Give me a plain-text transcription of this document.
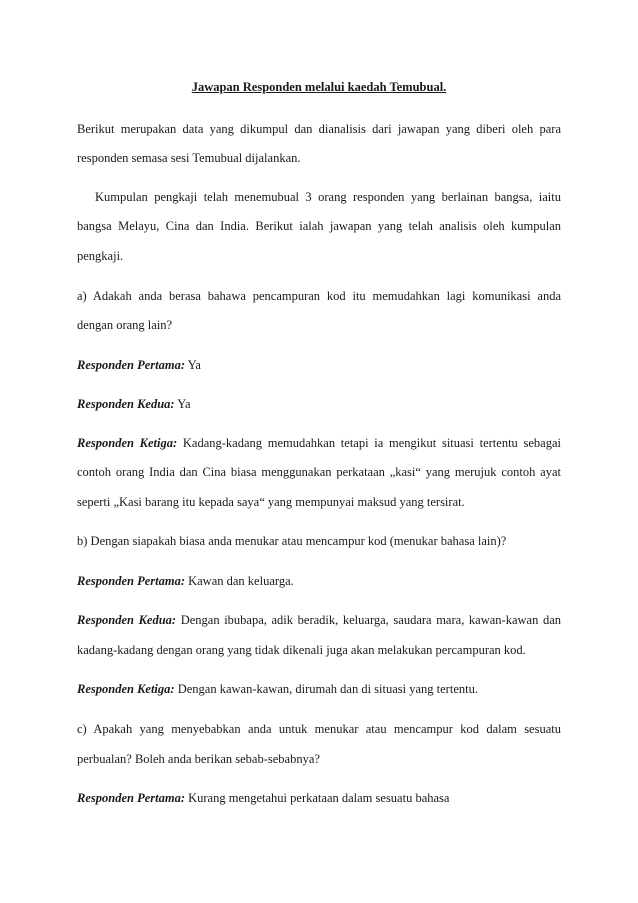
Jawapan Responden melalui kaedah Temubual.
Berikut merupakan data yang dikumpul dan dianalisis dari jawapan yang diberi oleh para
responden semasa sesi Temubual dijalankan.
Kumpulan pengkaji telah menemubual 3 orang responden yang berlainan bangsa, iaitu
bangsa Melayu, Cina dan India. Berikut ialah jawapan yang telah analisis oleh kumpulan
pengkaji.
a) Adakah anda berasa bahawa pencampuran kod itu memudahkan lagi komunikasi anda
dengan orang lain?
Responden Pertama: Ya
Responden Kedua: Ya
Responden Ketiga: Kadang-kadang memudahkan tetapi ia mengikut situasi tertentu sebagai
contoh orang India dan Cina biasa menggunakan perkataan „kasi“ yang merujuk contoh ayat
seperti „Kasi barang itu kepada saya“ yang mempunyai maksud yang tersirat.
b) Dengan siapakah biasa anda menukar atau mencampur kod (menukar bahasa lain)?
Responden Pertama: Kawan dan keluarga.
Responden Kedua: Dengan ibubapa, adik beradik, keluarga, saudara mara, kawan-kawan dan
kadang-kadang dengan orang yang tidak dikenali juga akan melakukan percampuran kod.
Responden Ketiga: Dengan kawan-kawan, dirumah dan di situasi yang tertentu.
c) Apakah yang menyebabkan anda untuk menukar atau mencampur kod dalam sesuatu
perbualan? Boleh anda berikan sebab-sebabnya?
Responden Pertama: Kurang mengetahui perkataan dalam sesuatu bahasa
